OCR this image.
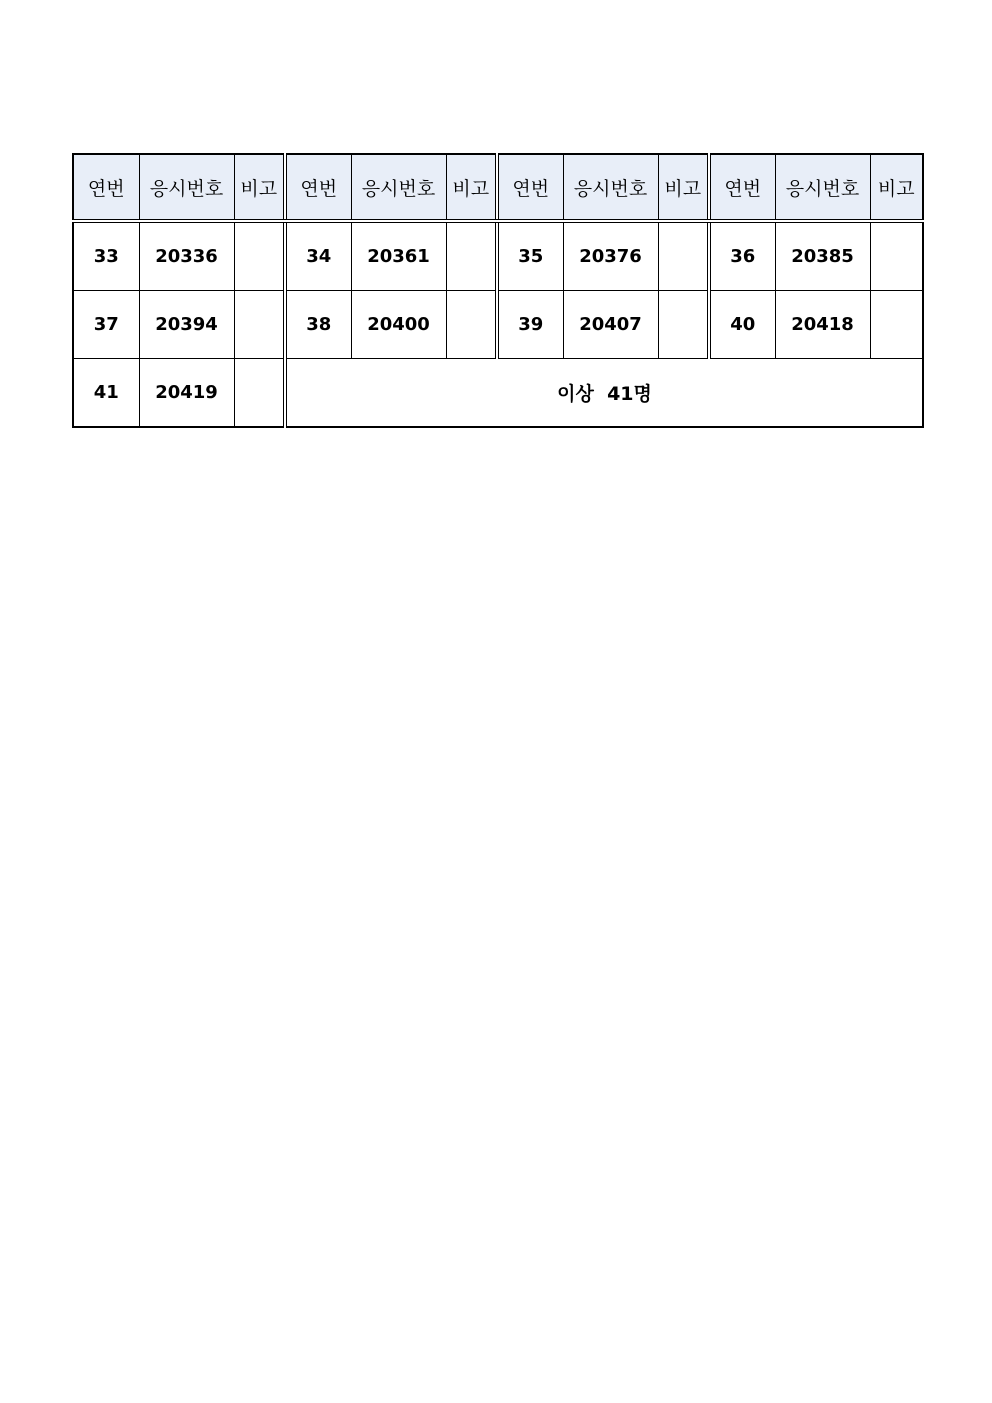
연번	응시번호	비고	연번	응시번호	비고	연번	응시번호	비고	연번	응시번호	비고
33	20336		34	20361		35	20376		36	20385	
37	20394		38	20400		39	20407		40	20418	
41	20419		이상  41명								
